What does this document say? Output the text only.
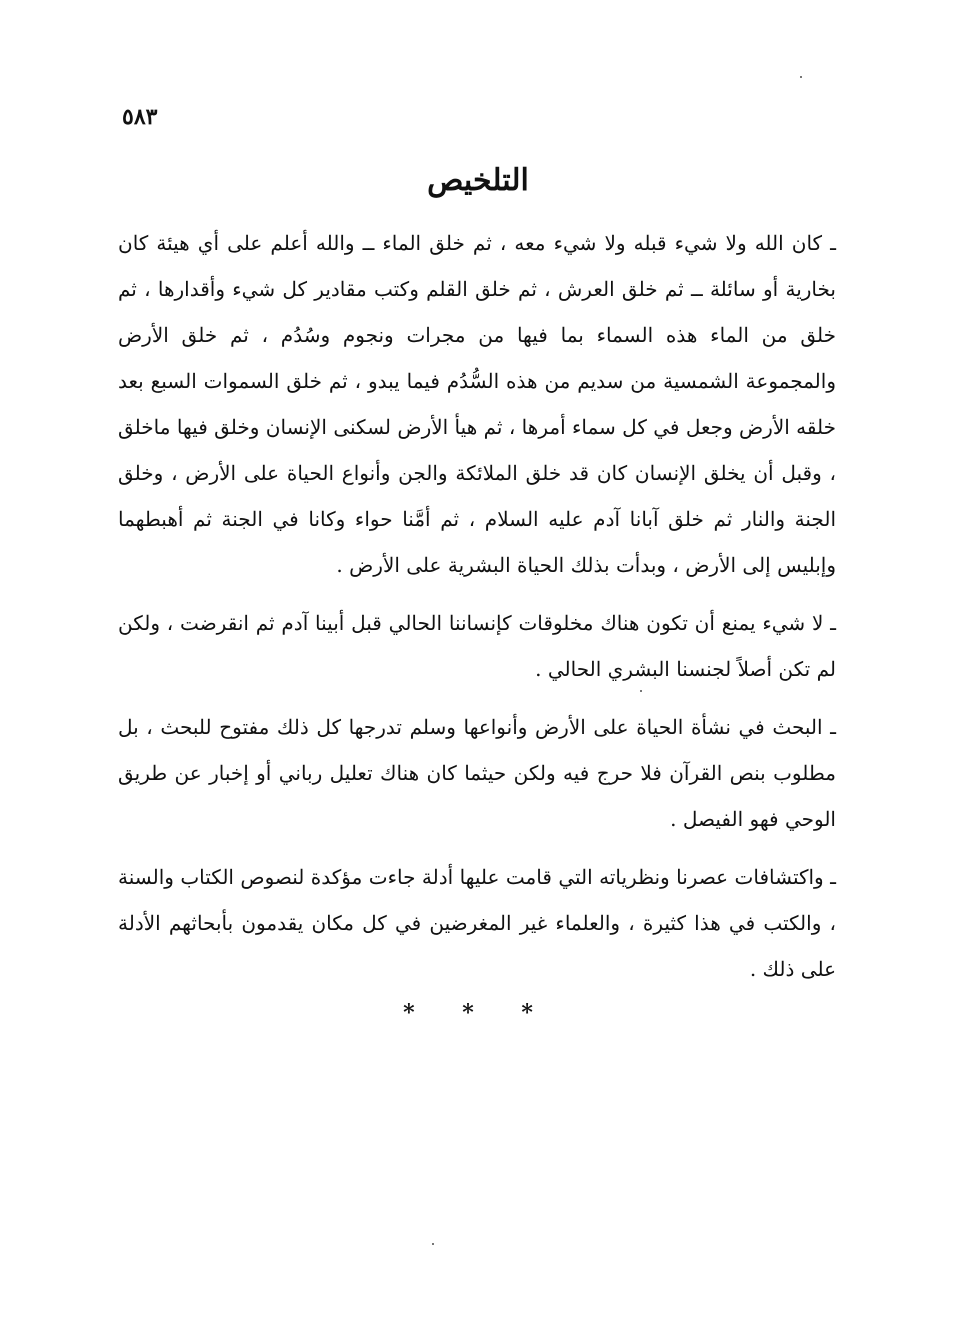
٥٨٣
التلخيص

ـ كان الله ولا شيء قبله ولا شيء معه ، ثم خلق الماء ــ والله أعلم على أي هيئة كان بخارية أو سائلة ــ ثم خلق العرش ، ثم خلق القلم وكتب مقادير كل شيء وأقدارها ، ثم خلق من الماء هذه السماء بما فيها من مجرات ونجوم وسُدُم ، ثم خلق الأرض والمجموعة الشمسية من سديم من هذه السُّدُم فيما يبدو ، ثم خلق السموات السبع بعد خلقه الأرض وجعل في كل سماء أمرها ، ثم هيأ الأرض لسكنى الإنسان وخلق فيها ماخلق ، وقبل أن يخلق الإنسان كان قد خلق الملائكة والجن وأنواع الحياة على الأرض ، وخلق الجنة والنار ثم خلق آبانا آدم عليه السلام ، ثم أمَّنا حواء وكانا في الجنة ثم أهبطهما وإبليس إلى الأرض ، وبدأت بذلك الحياة البشرية على الأرض .

ـ لا شيء يمنع أن تكون هناك مخلوقات كإنساننا الحالي قبل أبينا آدم ثم انقرضت ، ولكن لم تكن أصلاً لجنسنا البشري الحالي .

ـ البحث في نشأة الحياة على الأرض وأنواعها وسلم تدرجها كل ذلك مفتوح للبحث ، بل مطلوب بنص القرآن فلا حرج فيه ولكن حيثما كان هناك تعليل رباني أو إخبار عن طريق الوحي فهو الفيصل .

ـ واكتشافات عصرنا ونظرياته التي قامت عليها أدلة جاءت مؤكدة لنصوص الكتاب والسنة ، والكتب في هذا كثيرة ، والعلماء غير المغرضين في كل مكان يقدمون بأبحاثهم الأدلة على ذلك .

* * *
